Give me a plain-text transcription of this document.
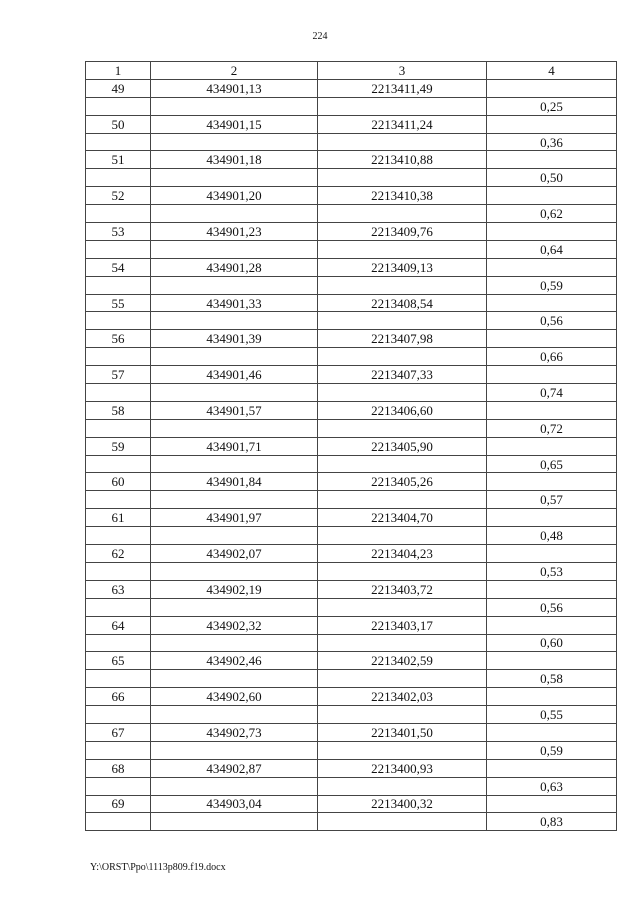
224
1	2	3	4
49	434901,13	2213411,49	
			0,25
50	434901,15	2213411,24	
			0,36
51	434901,18	2213410,88	
			0,50
52	434901,20	2213410,38	
			0,62
53	434901,23	2213409,76	
			0,64
54	434901,28	2213409,13	
			0,59
55	434901,33	2213408,54	
			0,56
56	434901,39	2213407,98	
			0,66
57	434901,46	2213407,33	
			0,74
58	434901,57	2213406,60	
			0,72
59	434901,71	2213405,90	
			0,65
60	434901,84	2213405,26	
			0,57
61	434901,97	2213404,70	
			0,48
62	434902,07	2213404,23	
			0,53
63	434902,19	2213403,72	
			0,56
64	434902,32	2213403,17	
			0,60
65	434902,46	2213402,59	
			0,58
66	434902,60	2213402,03	
			0,55
67	434902,73	2213401,50	
			0,59
68	434902,87	2213400,93	
			0,63
69	434903,04	2213400,32	
			0,83
Y:\ORST\Ppo\1113p809.f19.docx
